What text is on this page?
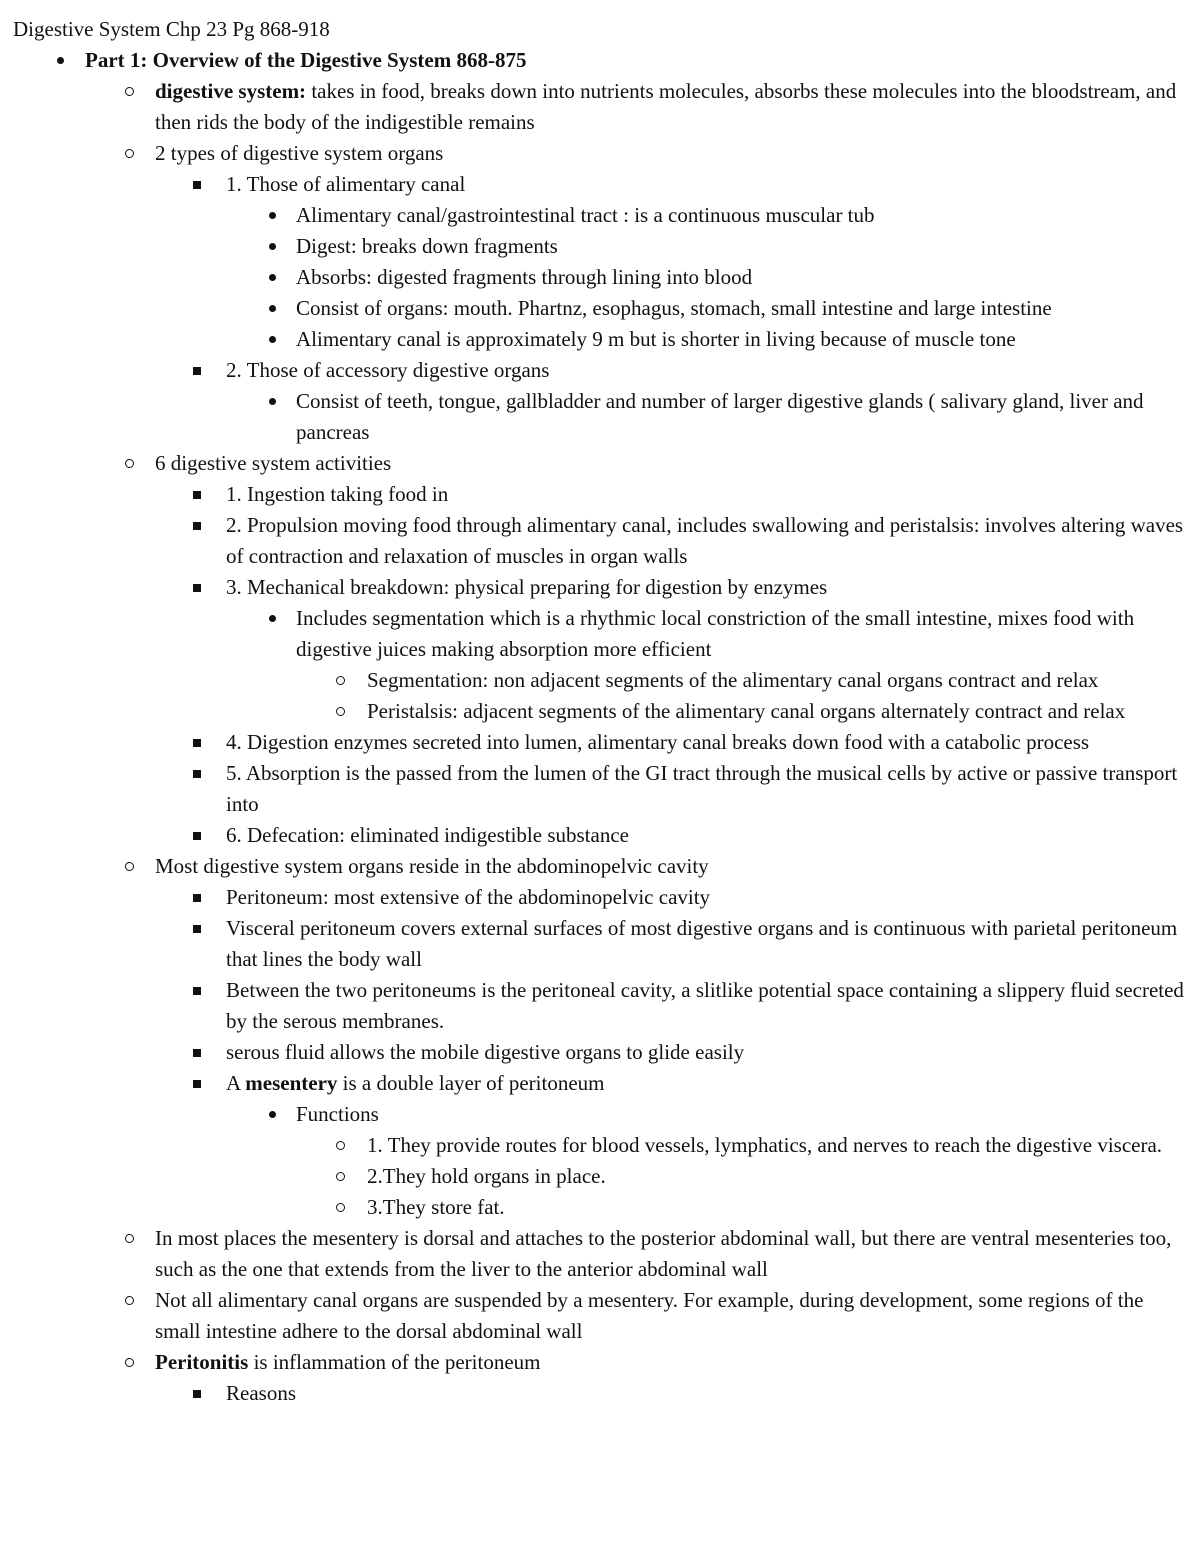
Digestive System Chp 23 Pg 868-918
Part 1: Overview of the Digestive System 868-875
digestive system: takes in food, breaks down into nutrients molecules, absorbs these molecules into the bloodstream, and then rids the body of the indigestible remains
2 types of digestive system organs
1. Those of alimentary canal
Alimentary canal/gastrointestinal tract : is a continuous muscular tub
Digest: breaks down fragments
Absorbs: digested fragments through lining into blood
Consist of organs: mouth. Phartnz, esophagus, stomach, small intestine and large intestine
Alimentary canal is approximately 9 m but is shorter in living because of muscle tone
2. Those of accessory digestive organs
Consist of teeth, tongue, gallbladder and number of larger digestive glands ( salivary gland, liver and pancreas
6 digestive system activities
1. Ingestion taking food in
2. Propulsion moving food through alimentary canal, includes swallowing and peristalsis: involves altering waves of contraction and relaxation of muscles in organ walls
3. Mechanical breakdown: physical preparing for digestion by enzymes
Includes segmentation which is a rhythmic local constriction of the small intestine, mixes food with digestive juices making absorption more efficient
Segmentation: non adjacent segments of the alimentary canal organs contract and relax
Peristalsis: adjacent segments of the alimentary canal organs alternately contract and relax
4. Digestion enzymes secreted into lumen, alimentary canal breaks down food with a catabolic process
5. Absorption is the passed from the lumen of the GI tract through the musical cells by active or passive transport into
6. Defecation: eliminated indigestible substance
Most digestive system organs reside in the abdominopelvic cavity
Peritoneum: most extensive of the abdominopelvic cavity
Visceral peritoneum covers external surfaces of most digestive organs and is continuous with parietal peritoneum that lines the body wall
Between the two peritoneums is the peritoneal cavity, a slitlike potential space containing a slippery fluid secreted by the serous membranes.
serous fluid allows the mobile digestive organs to glide easily
A mesentery is a double layer of peritoneum
Functions
1. They provide routes for blood vessels, lymphatics, and nerves to reach the digestive viscera.
2.They hold organs in place.
3.They store fat.
In most places the mesentery is dorsal and attaches to the posterior abdominal wall, but there are ventral mesenteries too, such as the one that extends from the liver to the anterior abdominal wall
Not all alimentary canal organs are suspended by a mesentery. For example, during development, some regions of the small intestine adhere to the dorsal abdominal wall
Peritonitis is inflammation of the peritoneum
Reasons
